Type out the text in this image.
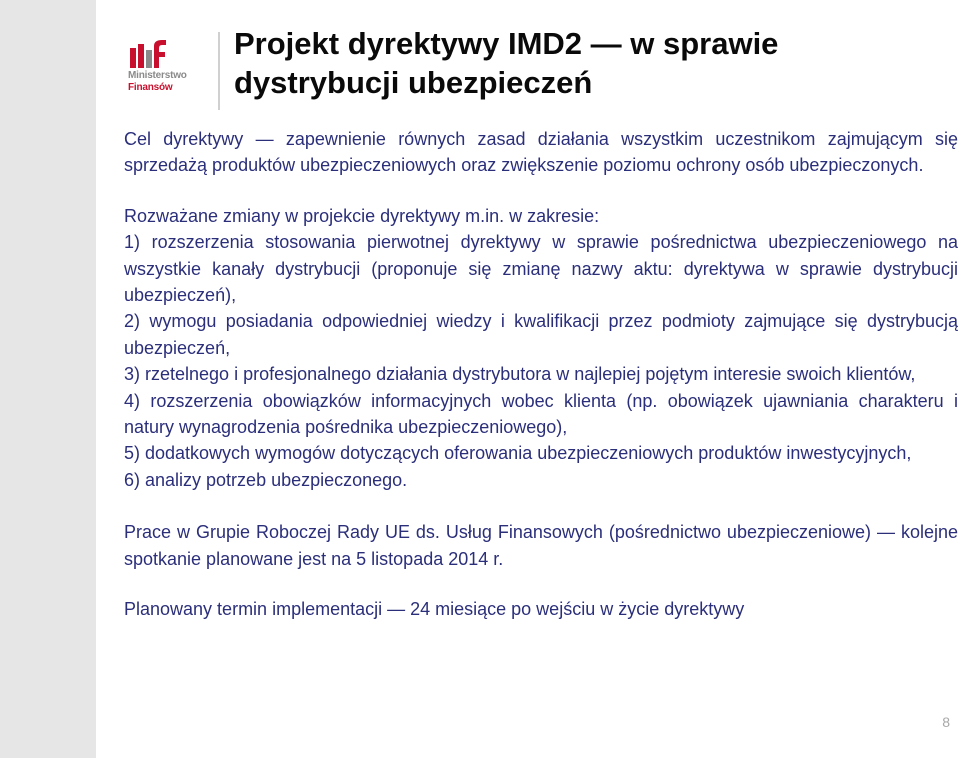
Ministerstwo
Finansów
Projekt dyrektywy IMD2 — w sprawie dystrybucji ubezpieczeń

Cel dyrektywy — zapewnienie równych zasad działania wszystkim uczestnikom zajmującym się sprzedażą produktów ubezpieczeniowych oraz zwiększenie poziomu ochrony osób ubezpieczonych.

Rozważane zmiany w projekcie dyrektywy m.in. w zakresie:

1) rozszerzenia stosowania pierwotnej dyrektywy w sprawie pośrednictwa ubezpieczeniowego na wszystkie kanały dystrybucji (proponuje się zmianę nazwy aktu: dyrektywa w sprawie dystrybucji ubezpieczeń),

2) wymogu posiadania odpowiedniej wiedzy i kwalifikacji przez podmioty zajmujące się dystrybucją ubezpieczeń,

3) rzetelnego i profesjonalnego działania dystrybutora w najlepiej pojętym interesie swoich klientów,

4) rozszerzenia obowiązków informacyjnych wobec klienta (np. obowiązek ujawniania charakteru i natury wynagrodzenia pośrednika ubezpieczeniowego),

5) dodatkowych wymogów dotyczących oferowania ubezpieczeniowych produktów inwestycyjnych,

6) analizy potrzeb ubezpieczonego.

Prace w Grupie Roboczej Rady UE ds. Usług Finansowych (pośrednictwo ubezpieczeniowe) — kolejne spotkanie planowane jest na 5 listopada 2014 r.

Planowany termin implementacji — 24 miesiące po wejściu w życie dyrektywy

8
